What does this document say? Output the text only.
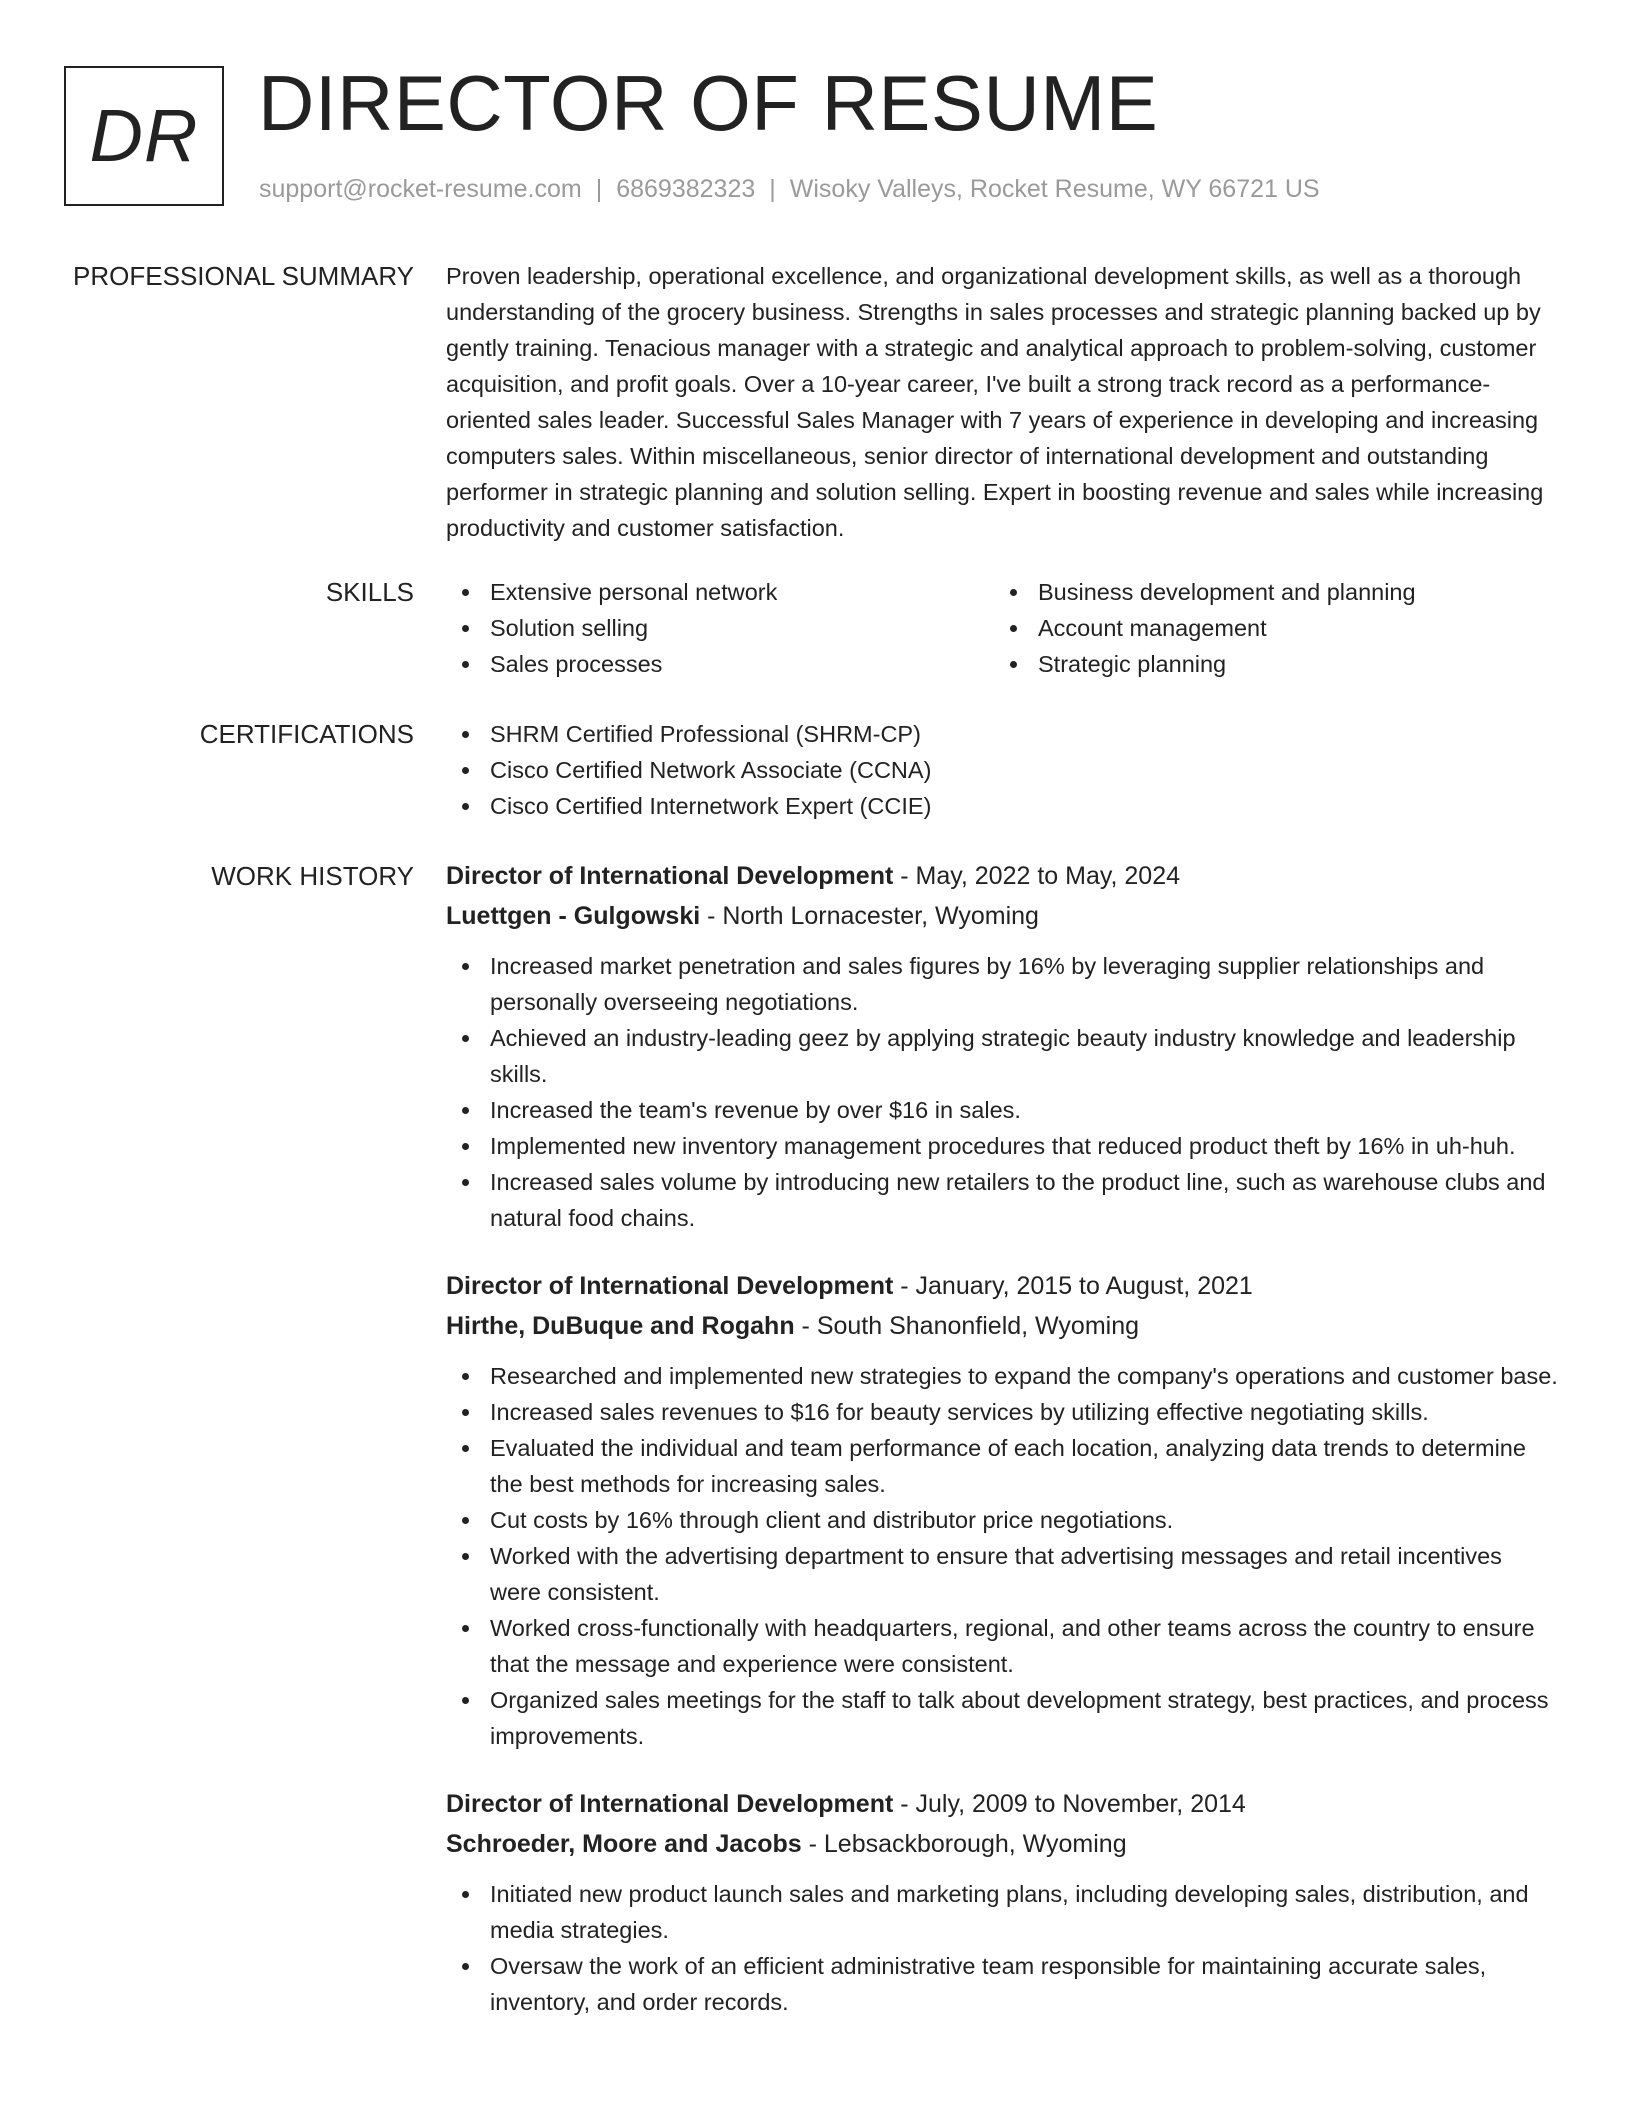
DR DIRECTOR OF RESUME
support@rocket-resume.com | 6869382323 | Wisoky Valleys, Rocket Resume, WY 66721 US
PROFESSIONAL SUMMARY Proven leadership, operational excellence, and organizational development skills, as well as a thorough understanding of the grocery business. Strengths in sales processes and strategic planning backed up by gently training. Tenacious manager with a strategic and analytical approach to problem-solving, customer acquisition, and profit goals. Over a 10-year career, I've built a strong track record as a performance-oriented sales leader. Successful Sales Manager with 7 years of experience in developing and increasing computers sales. Within miscellaneous, senior director of international development and outstanding performer in strategic planning and solution selling. Expert in boosting revenue and sales while increasing productivity and customer satisfaction.

SKILLS	Extensive personal network
Solution selling
Sales processes
Business development and planning
Account management
Strategic planning
CERTIFICATIONS	SHRM Certified Professional (SHRM-CP)
Cisco Certified Network Associate (CCNA)
Cisco Certified Internetwork Expert (CCIE)
WORK HISTORY Director of International Development - May, 2022 to May, 2024
Luettgen - Gulgowski - North Lornacester, Wyoming
Increased market penetration and sales figures by 16% by leveraging supplier relationships and personally overseeing negotiations.
Achieved an industry-leading geez by applying strategic beauty industry knowledge and leadership skills.
Increased the team's revenue by over $16 in sales.
Implemented new inventory management procedures that reduced product theft by 16% in uh-huh.
Increased sales volume by introducing new retailers to the product line, such as warehouse clubs and natural food chains.
Director of International Development - January, 2015 to August, 2021
Hirthe, DuBuque and Rogahn - South Shanonfield, Wyoming
Researched and implemented new strategies to expand the company's operations and customer base.
Increased sales revenues to $16 for beauty services by utilizing effective negotiating skills.
Evaluated the individual and team performance of each location, analyzing data trends to determine the best methods for increasing sales.
Cut costs by 16% through client and distributor price negotiations.
Worked with the advertising department to ensure that advertising messages and retail incentives were consistent.
Worked cross-functionally with headquarters, regional, and other teams across the country to ensure that the message and experience were consistent.
Organized sales meetings for the staff to talk about development strategy, best practices, and process improvements.
Director of International Development - July, 2009 to November, 2014
Schroeder, Moore and Jacobs - Lebsackborough, Wyoming
Initiated new product launch sales and marketing plans, including developing sales, distribution, and media strategies.
Oversaw the work of an efficient administrative team responsible for maintaining accurate sales, inventory, and order records.
